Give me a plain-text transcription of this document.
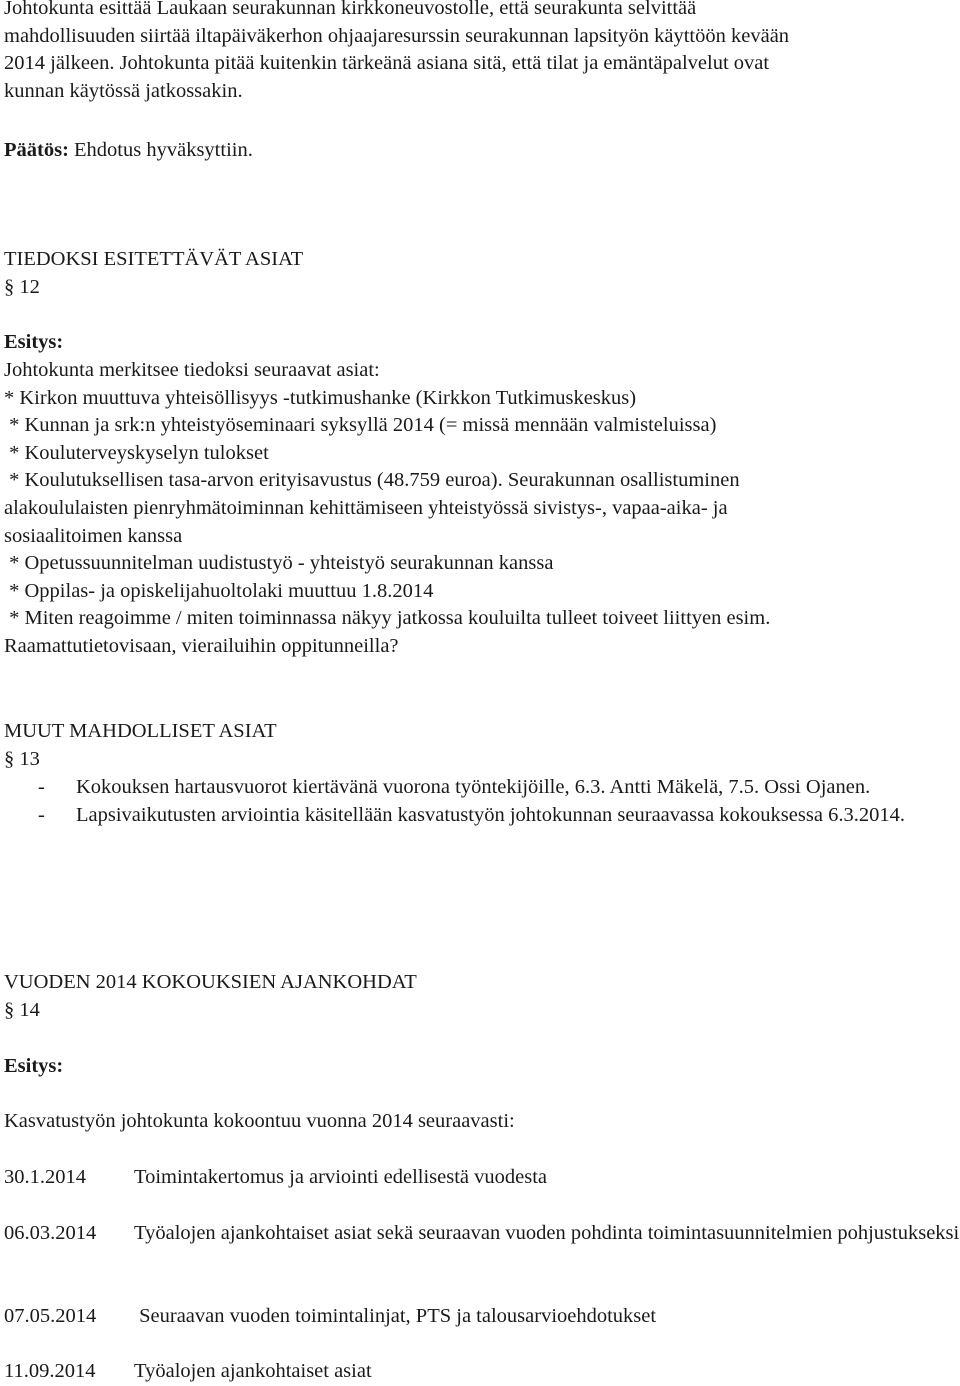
Johtokunta esittää Laukaan seurakunnan kirkkoneuvostolle, että seurakunta selvittää
mahdollisuuden siirtää iltapäiväkerhon ohjaajaresurssin seurakunnan lapsityön käyttöön kevään
2014 jälkeen. Johtokunta pitää kuitenkin tärkeänä asiana sitä, että tilat ja emäntäpalvelut ovat
kunnan käytössä jatkossakin.
Päätös: Ehdotus hyväksyttiin.
TIEDOKSI ESITETTÄVÄT ASIAT
§ 12
Esitys:
Johtokunta merkitsee tiedoksi seuraavat asiat:
* Kirkon muuttuva yhteisöllisyys -tutkimushanke (Kirkkon Tutkimuskeskus)
* Kunnan ja srk:n yhteistyöseminaari syksyllä 2014 (= missä mennään valmisteluissa)
* Kouluterveyskyselyn tulokset
* Koulutuksellisen tasa-arvon erityisavustus (48.759 euroa). Seurakunnan osallistuminen
alakoululaisten pienryhmätoiminnan kehittämiseen yhteistyössä sivistys-, vapaa-aika- ja
sosiaalitoimen kanssa
* Opetussuunnitelman uudistustyö - yhteistyö seurakunnan kanssa
* Oppilas- ja opiskelijahuoltolaki muuttuu 1.8.2014
* Miten reagoimme / miten toiminnassa näkyy jatkossa kouluilta tulleet toiveet liittyen esim.
Raamattutietovisaan, vierailuihin oppitunneilla?
MUUT MAHDOLLISET ASIAT
§ 13
-	Kokouksen hartausvuorot kiertävänä vuorona työntekijöille, 6.3. Antti Mäkelä, 7.5. Ossi Ojanen.
-	Lapsivaikutusten arviointia käsitellään kasvatustyön johtokunnan seuraavassa kokouksessa 6.3.2014.
VUODEN 2014 KOKOUKSIEN AJANKOHDAT
§ 14
Esitys:
Kasvatustyön johtokunta kokoontuu vuonna 2014 seuraavasti:
30.1.2014	Toimintakertomus ja arviointi edellisestä vuodesta
06.03.2014	Työalojen ajankohtaiset asiat sekä seuraavan vuoden pohdinta toimintasuunnitelmien pohjustukseksi
07.05.2014	Seuraavan vuoden toimintalinjat, PTS ja talousarvioehdotukset
11.09.2014	Työalojen ajankohtaiset asiat
